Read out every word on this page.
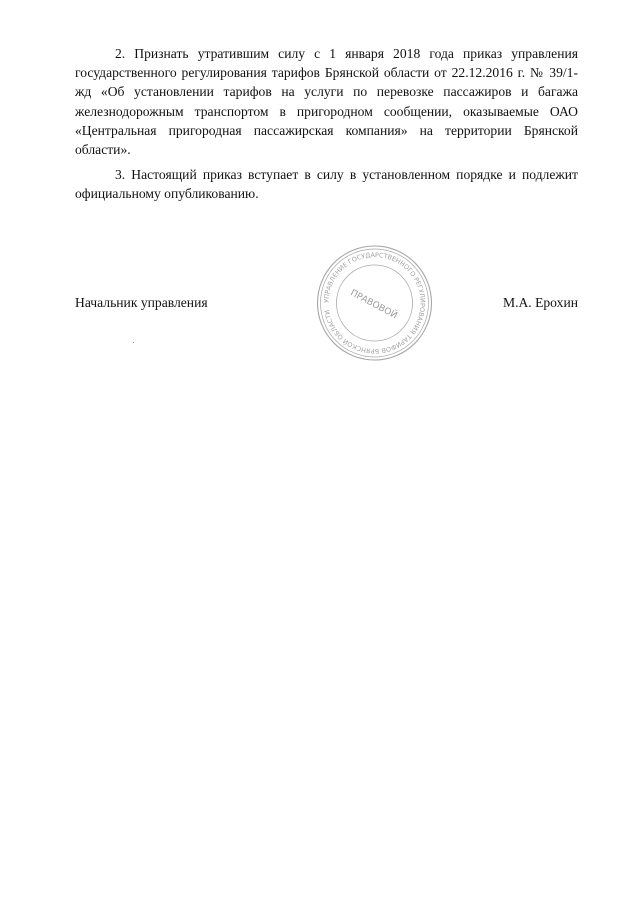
2. Признать утратившим силу с 1 января 2018 года приказ управления государственного регулирования тарифов Брянской области от 22.12.2016 г. № 39/1-жд «Об установлении тарифов на услуги по перевозке пассажиров и багажа железнодорожным транспортом в пригородном сообщении, оказываемые ОАО «Центральная пригородная пассажирская компания» на территории Брянской области».

3. Настоящий приказ вступает в силу в установленном порядке и подлежит официальному опубликованию.

Начальник управления	М.А. Ерохин
УПРАВЛЕНИЕ ГОСУДАРСТВЕННОГО РЕГУЛИРОВАНИЯ ТАРИФОВ БРЯНСКОЙ ОБЛАСТИ	ПРАВОВОЙ
